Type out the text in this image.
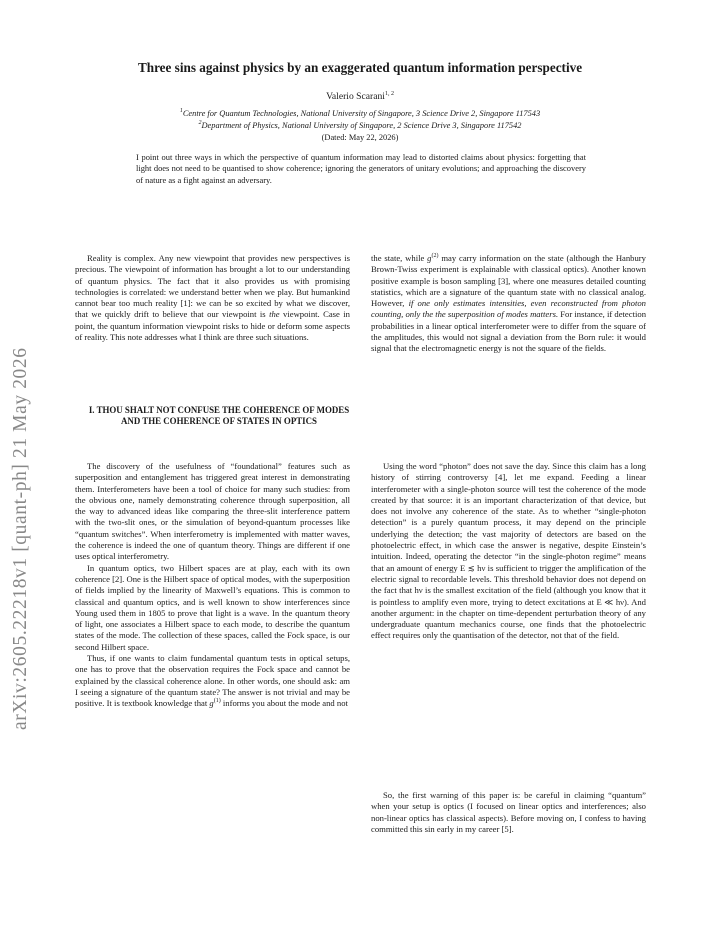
arXiv:2605.22218v1 [quant-ph] 21 May 2026
Three sins against physics by an exaggerated quantum information perspective
Valerio Scarani$^{1, 2}$
$^1$Centre for Quantum Technologies, National University of Singapore, 3 Science Drive 2, Singapore 117543
$^2$Department of Physics, National University of Singapore, 2 Science Drive 3, Singapore 117542
(Dated: May 22, 2026)
I point out three ways in which the perspective of quantum information may lead to distorted claims about physics: forgetting that light does not need to be quantised to show coherence; ignoring the generators of unitary evolutions; and approaching the discovery of nature as a fight against an adversary.

Reality is complex. Any new viewpoint that provides new perspectives is precious. The viewpoint of information has brought a lot to our understanding of quantum physics. The fact that it also provides us with promising technologies is correlated: we understand better when we play. But humankind cannot bear too much reality [1]: we can be so excited by what we discover, that we quickly drift to believe that our viewpoint is the viewpoint. Case in point, the quantum information viewpoint risks to hide or deform some aspects of reality. This note addresses what I think are three such situations.

I. THOU SHALT NOT CONFUSE THE COHERENCE OF MODES AND THE COHERENCE OF STATES IN OPTICS

The discovery of the usefulness of “foundational” features such as superposition and entanglement has triggered great interest in demonstrating them. Interferometers have been a tool of choice for many such studies: from the obvious one, namely demonstrating coherence through superposition, all the way to advanced ideas like comparing the three-slit interference pattern with the two-slit ones, or the simulation of beyond-quantum processes like “quantum switches”. When interferometry is implemented with matter waves, the coherence is indeed the one of quantum theory. Things are different if one uses optical interferometry.

In quantum optics, two Hilbert spaces are at play, each with its own coherence [2]. One is the Hilbert space of optical modes, with the superposition of fields implied by the linearity of Maxwell’s equations. This is common to classical and quantum optics, and is well known to show interferences since Young used them in 1805 to prove that light is a wave. In the quantum theory of light, one associates a Hilbert space to each mode, to describe the quantum states of the mode. The collection of these spaces, called the Fock space, is our second Hilbert space.

Thus, if one wants to claim fundamental quantum tests in optical setups, one has to prove that the observation requires the Fock space and cannot be explained by the classical coherence alone. In other words, one should ask: am I seeing a signature of the quantum state? The answer is not trivial and may be positive. It is textbook knowledge that $g^{(1)}$ informs you about the mode and not

the state, while $g^{(2)}$ may carry information on the state (although the Hanbury Brown-Twiss experiment is explainable with classical optics). Another known positive example is boson sampling [3], where one measures detailed counting statistics, which are a signature of the quantum state with no classical analog. However, if one only estimates intensities, even reconstructed from photon counting, only the the superposition of modes matters. For instance, if detection probabilities in a linear optical interferometer were to differ from the square of the amplitudes, this would not signal a deviation from the Born rule: it would signal that the electromagnetic energy is not the square of the fields.

Using the word “photon” does not save the day. Since this claim has a long history of stirring controversy [4], let me expand. Feeding a linear interferometer with a single-photon source will test the coherence of the mode created by that source: it is an important characterization of that device, but does not involve any coherence of the state. As to whether “single-photon detection” is a purely quantum process, it may depend on the principle underlying the detection; the vast majority of detectors are based on the photoelectric effect, in which case the answer is negative, despite Einstein’s intuition. Indeed, operating the detector “in the single-photon regime” means that an amount of energy E ≲ hν is sufficient to trigger the amplification of the electric signal to recordable levels. This threshold behavior does not depend on the fact that hν is the smallest excitation of the field (although you know that it is pointless to amplify even more, trying to detect excitations at E ≪ hν). And another argument: in the chapter on time-dependent perturbation theory of any undergraduate quantum mechanics course, one finds that the photoelectric effect requires only the quantisation of the detector, not that of the field.

So, the first warning of this paper is: be careful in claiming “quantum” when your setup is optics (I focused on linear optics and interferences; also non-linear optics has classical aspects). Before moving on, I confess to having committed this sin early in my career [5].
